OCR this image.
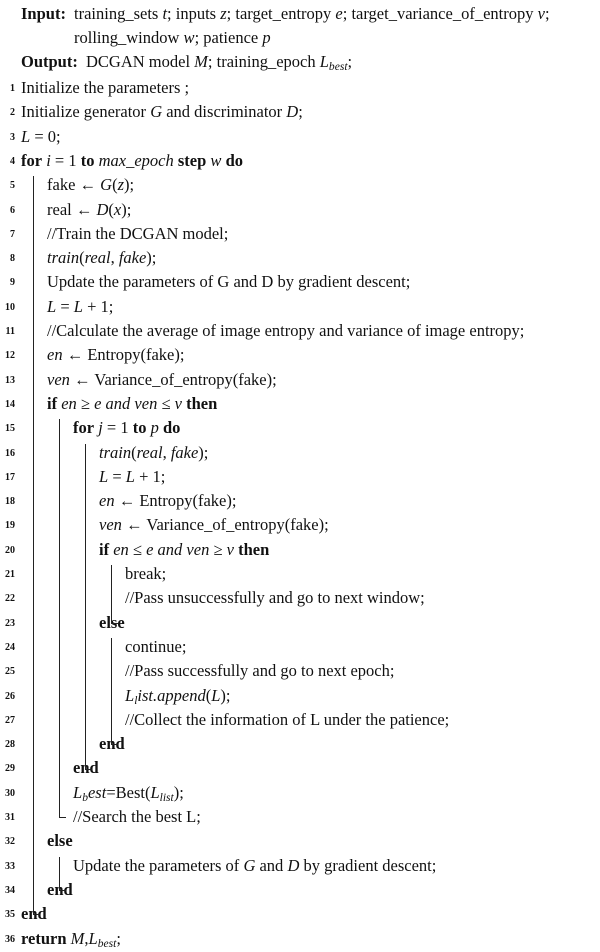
Input: training_sets t; inputs z; target_entropy e; target_variance_of_entropy v;
rolling_window w; patience p
Output: DCGAN model M; training_epoch $L_{best}$;
1 Initialize the parameters ;
2 Initialize generator G and discriminator D;
3 L = 0;
4 for i = 1 to max_epoch step w do
5 fake ← G(z);
6 real ← D(x);
7 //Train the DCGAN model;
8 train(real, fake);
9 Update the parameters of G and D by gradient descent;
10 L = L + 1;
11 //Calculate the average of image entropy and variance of image entropy;
12 en ← Entropy(fake);
13 ven ← Variance_of_entropy(fake);
14 if en ≥ e and ven ≤ v then
15	for j = 1 to p do
16	train(real, fake);
17	L = L + 1;
18	en ← Entropy(fake);
19	ven ← Variance_of_entropy(fake);
20	if en ≤ e and ven ≥ v then
21	break;
22	//Pass unsuccessfully and go to next window;
23	else
24	continue;
25	//Pass successfully and go to next epoch;
26	$L_list.append(L)$;
27	//Collect the information of L under the patience;
28	end
29	end
30	$L_best=Best(L_{list})$;
31	//Search the best L;
32 else
33	Update the parameters of G and D by gradient descent;
34 end
35 end
36 return $M,L_{best}$;
